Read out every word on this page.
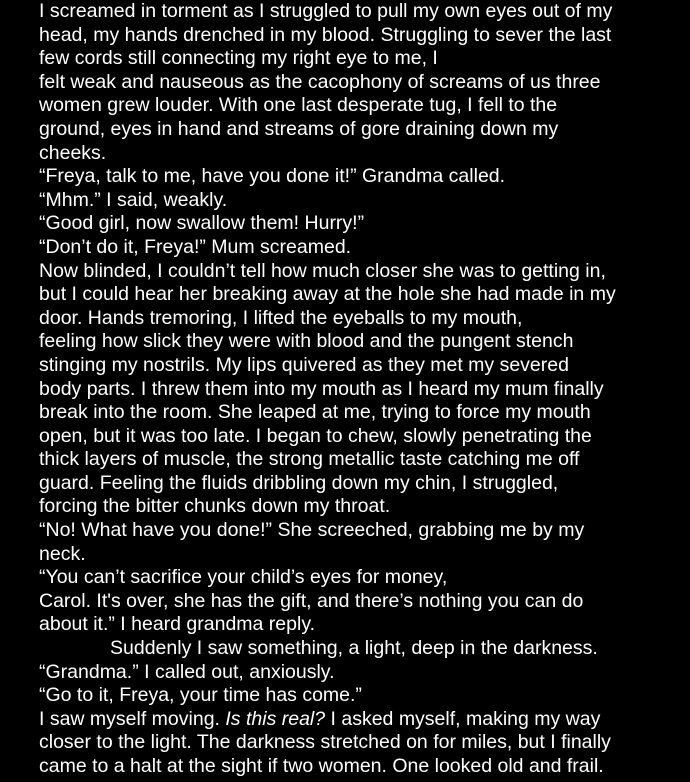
I screamed in torment as I struggled to pull my own eyes out of my
head, my hands drenched in my blood. Struggling to sever the last
few cords still connecting my right eye to me, I
felt weak and nauseous as the cacophony of screams of us three
women grew louder. With one last desperate tug, I fell to the
ground, eyes in hand and streams of gore draining down my
cheeks.
“Freya, talk to me, have you done it!” Grandma called.
“Mhm.” I said, weakly.
“Good girl, now swallow them! Hurry!”
“Don’t do it, Freya!” Mum screamed.
Now blinded, I couldn’t tell how much closer she was to getting in,
but I could hear her breaking away at the hole she had made in my
door. Hands tremoring, I lifted the eyeballs to my mouth,
feeling how slick they were with blood and the pungent stench
stinging my nostrils. My lips quivered as they met my severed
body parts. I threw them into my mouth as I heard my mum finally
break into the room. She leaped at me, trying to force my mouth
open, but it was too late. I began to chew, slowly penetrating the
thick layers of muscle, the strong metallic taste catching me off
guard. Feeling the fluids dribbling down my chin, I struggled,
forcing the bitter chunks down my throat.
“No! What have you done!” She screeched, grabbing me by my
neck.
“You can’t sacrifice your child’s eyes for money,
Carol. It's over, she has the gift, and there’s nothing you can do
about it.” I heard grandma reply.
Suddenly I saw something, a light, deep in the darkness.
“Grandma.” I called out, anxiously.
“Go to it, Freya, your time has come.”
I saw myself moving. Is this real? I asked myself, making my way
closer to the light. The darkness stretched on for miles, but I finally
came to a halt at the sight if two women. One looked old and frail.
